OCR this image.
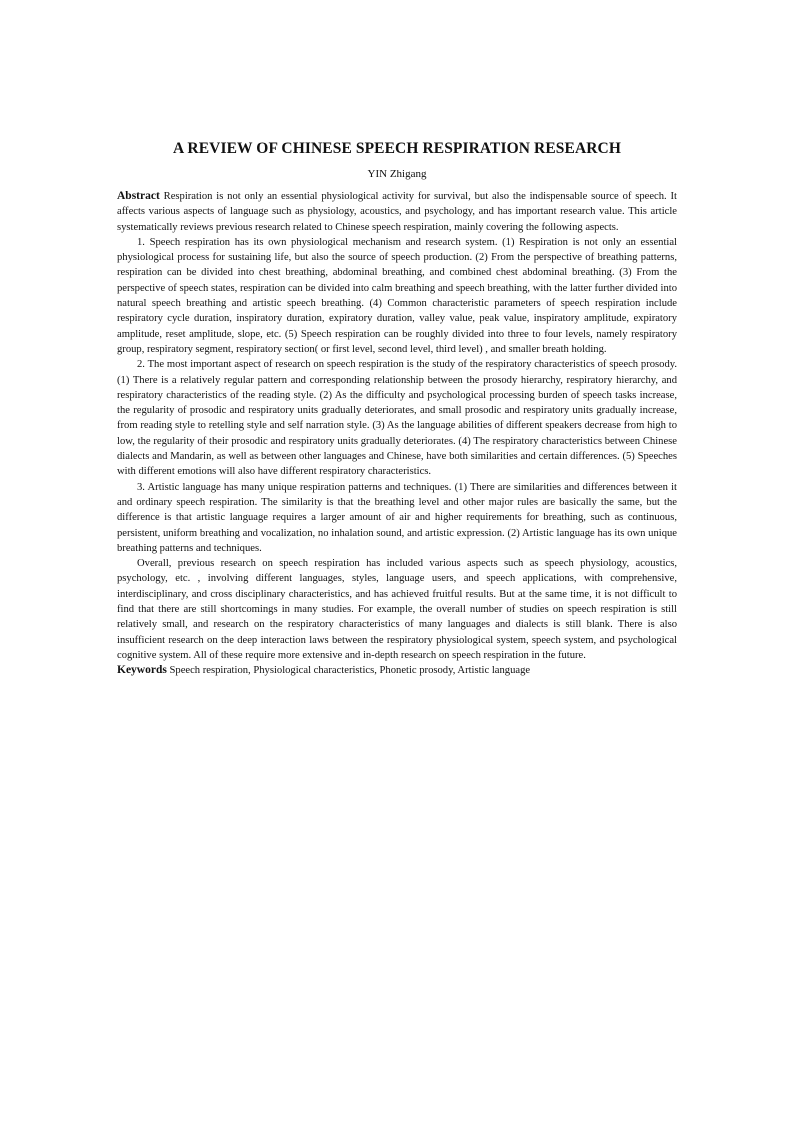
A REVIEW OF CHINESE SPEECH RESPIRATION RESEARCH
YIN Zhigang

Abstract Respiration is not only an essential physiological activity for survival, but also the indispensable source of speech. It affects various aspects of language such as physiology, acoustics, and psychology, and has important research value. This article systematically reviews previous research related to Chinese speech respiration, mainly covering the following aspects.

1. Speech respiration has its own physiological mechanism and research system. (1) Respiration is not only an essential physiological process for sustaining life, but also the source of speech production. (2) From the perspective of breathing patterns, respiration can be divided into chest breathing, abdominal breathing, and combined chest abdominal breathing. (3) From the perspective of speech states, respiration can be divided into calm breathing and speech breathing, with the latter further divided into natural speech breathing and artistic speech breathing. (4) Common characteristic parameters of speech respiration include respiratory cycle duration, inspiratory duration, expiratory duration, valley value, peak value, inspiratory amplitude, expiratory amplitude, reset amplitude, slope, etc. (5) Speech respiration can be roughly divided into three to four levels, namely respiratory group, respiratory segment, respiratory section( or first level, second level, third level) , and smaller breath holding.

2. The most important aspect of research on speech respiration is the study of the respiratory characteristics of speech prosody. (1) There is a relatively regular pattern and corresponding relationship between the prosody hierarchy, respiratory hierarchy, and respiratory characteristics of the reading style. (2) As the difficulty and psychological processing burden of speech tasks increase, the regularity of prosodic and respiratory units gradually deteriorates, and small prosodic and respiratory units gradually increase, from reading style to retelling style and self narration style. (3) As the language abilities of different speakers decrease from high to low, the regularity of their prosodic and respiratory units gradually deteriorates. (4) The respiratory characteristics between Chinese dialects and Mandarin, as well as between other languages and Chinese, have both similarities and certain differences. (5) Speeches with different emotions will also have different respiratory characteristics.

3. Artistic language has many unique respiration patterns and techniques. (1) There are similarities and differences between it and ordinary speech respiration. The similarity is that the breathing level and other major rules are basically the same, but the difference is that artistic language requires a larger amount of air and higher requirements for breathing, such as continuous, persistent, uniform breathing and vocalization, no inhalation sound, and artistic expression. (2) Artistic language has its own unique breathing patterns and techniques.

Overall, previous research on speech respiration has included various aspects such as speech physiology, acoustics, psychology, etc. , involving different languages, styles, language users, and speech applications, with comprehensive, interdisciplinary, and cross disciplinary characteristics, and has achieved fruitful results. But at the same time, it is not difficult to find that there are still shortcomings in many studies. For example, the overall number of studies on speech respiration is still relatively small, and research on the respiratory characteristics of many languages and dialects is still blank. There is also insufficient research on the deep interaction laws between the respiratory physiological system, speech system, and psychological cognitive system. All of these require more extensive and in-depth research on speech respiration in the future.

Keywords Speech respiration, Physiological characteristics, Phonetic prosody, Artistic language
